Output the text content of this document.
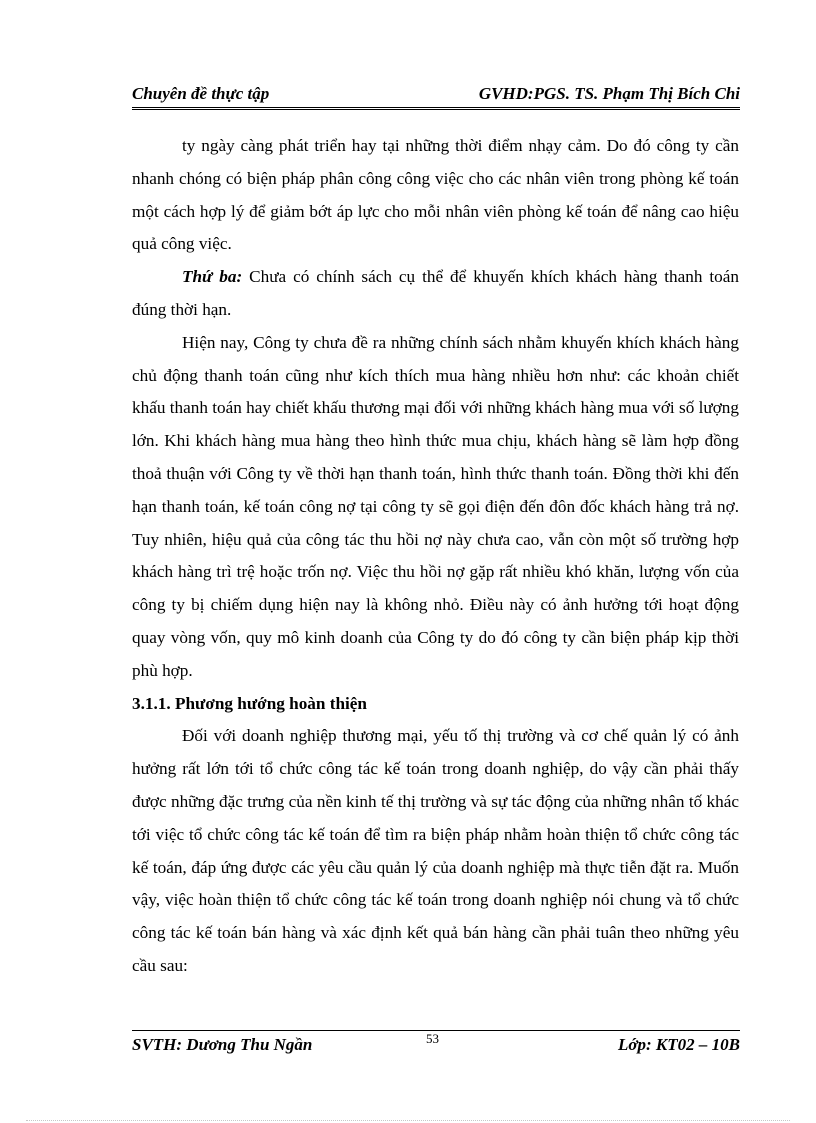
Chuyên đề thực tập	GVHD:PGS. TS. Phạm Thị Bích Chi

ty ngày càng phát triển hay tại những thời điểm nhạy cảm. Do đó công ty cần nhanh chóng có biện pháp phân công công việc cho các nhân viên trong phòng kế toán một cách hợp lý để giảm bớt áp lực cho mỗi nhân viên phòng kế toán để nâng cao hiệu quả công việc.

Thứ ba: Chưa có chính sách cụ thể để khuyến khích khách hàng thanh toán đúng thời hạn.

Hiện nay, Công ty chưa đề ra những chính sách nhằm khuyến khích khách hàng chủ động thanh toán cũng như kích thích mua hàng nhiều hơn như: các khoản chiết khấu thanh toán hay chiết khấu thương mại đối với những khách hàng mua với số lượng lớn. Khi khách hàng mua hàng theo hình thức mua chịu, khách hàng sẽ làm hợp đồng thoả thuận với Công ty về thời hạn thanh toán, hình thức thanh toán. Đồng thời khi đến hạn thanh toán, kế toán công nợ tại công ty sẽ gọi điện đến đôn đốc khách hàng trả nợ. Tuy nhiên, hiệu quả của công tác thu hồi nợ này chưa cao, vẫn còn một số trường hợp khách hàng trì trệ hoặc trốn nợ. Việc thu hồi nợ gặp rất nhiều khó khăn, lượng vốn của công ty bị chiếm dụng hiện nay là không nhỏ. Điều này có ảnh hưởng tới hoạt động quay vòng vốn, quy mô kinh doanh của Công ty do đó công ty cần biện pháp kịp thời phù hợp.

3.1.1. Phương hướng hoàn thiện

Đối với doanh nghiệp thương mại, yếu tố thị trường và cơ chế quản lý có ảnh hưởng rất lớn tới tổ chức công tác kế toán trong doanh nghiệp, do vậy cần phải thấy được những đặc trưng của nền kinh tế thị trường và sự tác động của những nhân tố khác tới việc tổ chức công tác kế toán để tìm ra biện pháp nhằm hoàn thiện tổ chức công tác kế toán, đáp ứng được các yêu cầu quản lý của doanh nghiệp mà thực tiễn đặt ra. Muốn vậy, việc hoàn thiện tổ chức công tác kế toán trong doanh nghiệp nói chung và tổ chức công tác kế toán bán hàng và xác định kết quả bán hàng cần phải tuân theo những yêu cầu sau:

53
SVTH: Dương Thu Ngần	Lớp: KT02 – 10B
